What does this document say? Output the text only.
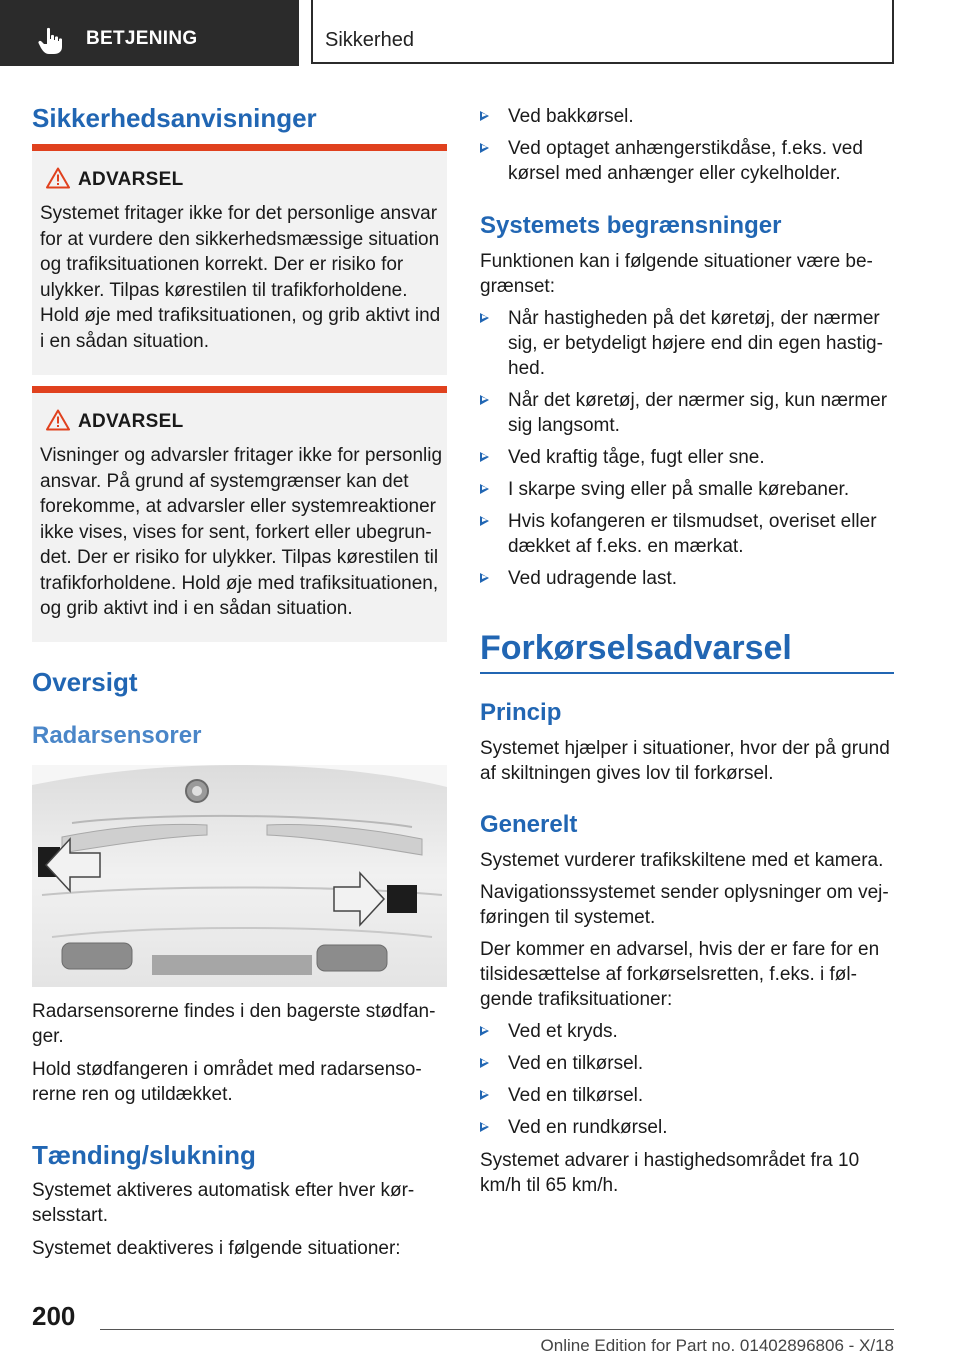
BETJENING	Sikkerhed
Sikkerhedsanvisninger
ADVARSEL
Systemet fritager ikke for det personlige ansvar for at vurdere den sikkerhedsmæssige situation og trafiksituationen korrekt. Der er risiko for ulykker. Tilpas kørestilen til trafikforholdene. Hold øje med trafiksituationen, og grib aktivt ind i en sådan situation.
ADVARSEL
Visninger og advarsler fritager ikke for personlig ansvar. På grund af systemgrænser kan det forekomme, at advarsler eller systemreaktioner ikke vises, vises for sent, forkert eller ubegrun-det. Der er risiko for ulykker. Tilpas kørestilen til trafikforholdene. Hold øje med trafiksituationen, og grib aktivt ind i en sådan situation.
Oversigt
Radarsensorer
Radarsensorerne findes i den bagerste stødfan-ger.
Hold stødfangeren i området med radarsenso-rerne ren og utildækket.
Tænding/slukning
Systemet aktiveres automatisk efter hver kør-selsstart.
Systemet deaktiveres i følgende situationer:
Ved bakkørsel.
Ved optaget anhængerstikdåse, f.eks. ved kørsel med anhænger eller cykelholder.
Systemets begrænsninger
Funktionen kan i følgende situationer være be-grænset:
Når hastigheden på det køretøj, der nærmer sig, er betydeligt højere end din egen hastig-hed.
Når det køretøj, der nærmer sig, kun nærmer sig langsomt.
Ved kraftig tåge, fugt eller sne.
I skarpe sving eller på smalle kørebaner.
Hvis kofangeren er tilsmudset, overiset eller dækket af f.eks. en mærkat.
Ved udragende last.
Forkørselsadvarsel
Princip
Systemet hjælper i situationer, hvor der på grund af skiltningen gives lov til forkørsel.
Generelt
Systemet vurderer trafikskiltene med et kamera.
Navigationssystemet sender oplysninger om vej-føringen til systemet.
Der kommer en advarsel, hvis der er fare for en tilsidesættelse af forkørselsretten, f.eks. i føl-gende trafiksituationer:
Ved et kryds.
Ved en tilkørsel.
Ved en tilkørsel.
Ved en rundkørsel.
Systemet advarer i hastighedsområdet fra 10 km/h til 65 km/h.
200
Online Edition for Part no. 01402896806 - X/18
